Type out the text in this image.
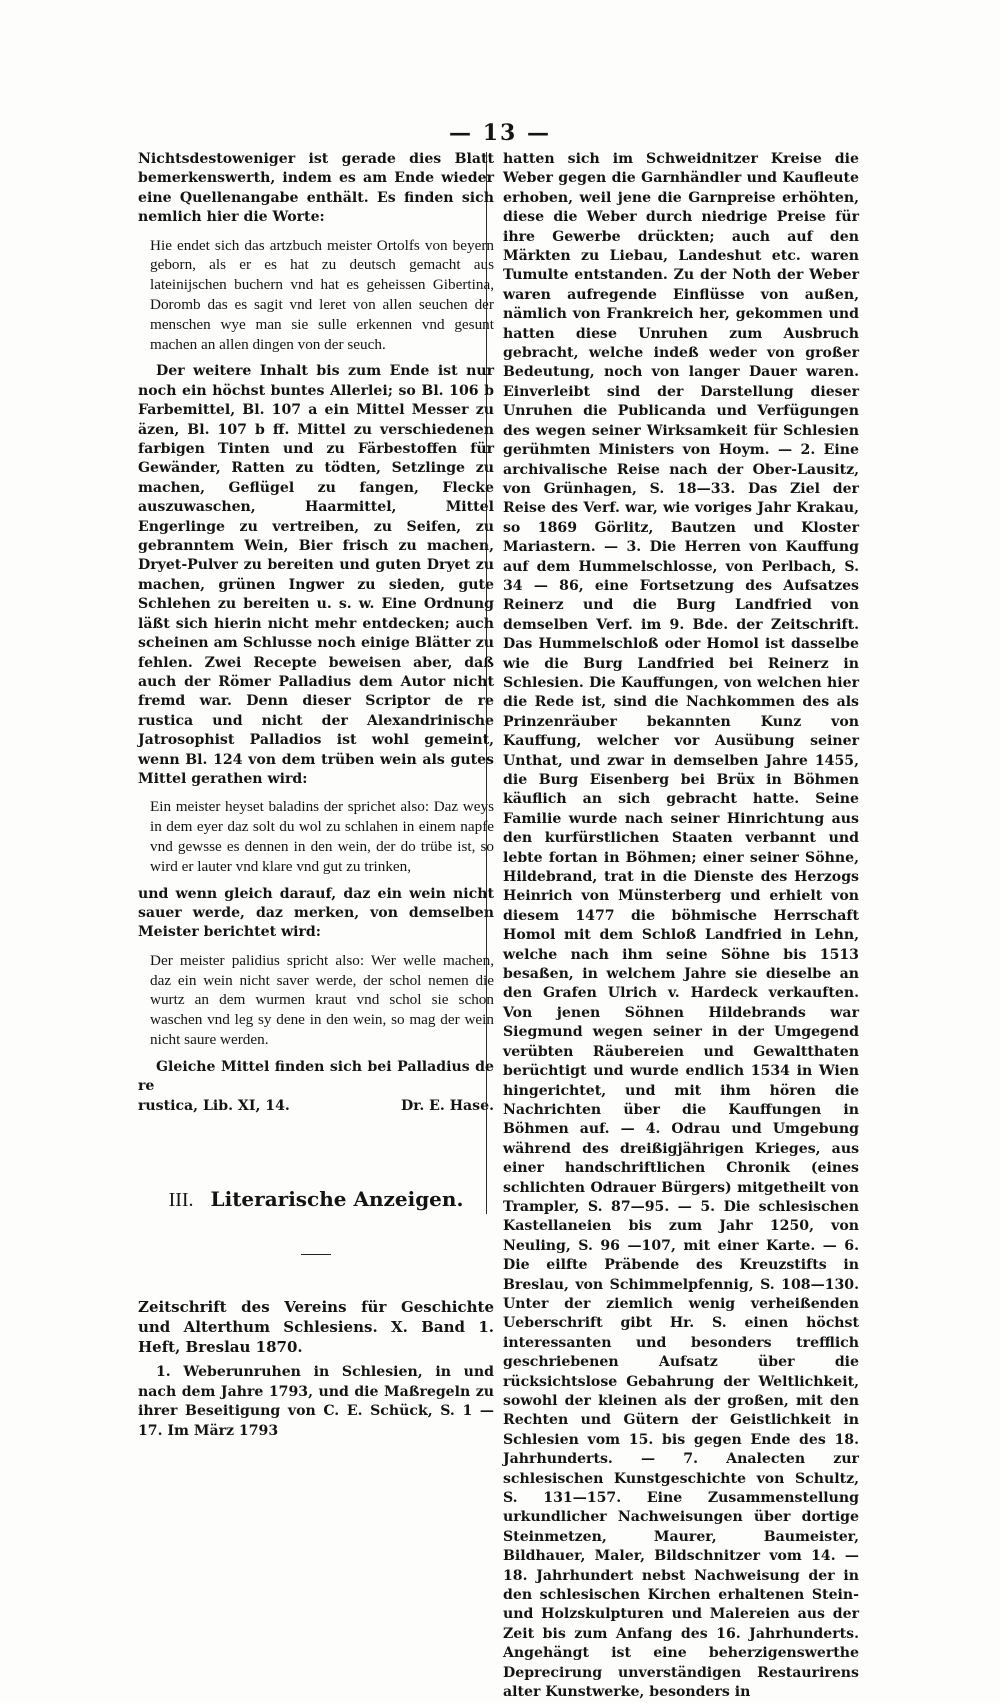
— 13 —

Nichtsdestoweniger ist gerade dies Blatt bemerkenswerth, indem es am Ende wieder eine Quellenangabe enthält. Es finden sich nemlich hier die Worte:

Hie endet sich das artzbuch meister Ortolfs von beyern geborn, als er es hat zu deutsch gemacht aus lateinijschen buchern vnd hat es geheissen Gibertina, Doromb das es sagit vnd leret von allen seuchen der menschen wye man sie sulle erkennen vnd gesunt machen an allen dingen von der seuch.

Der weitere Inhalt bis zum Ende ist nur noch ein höchst buntes Allerlei; so Bl. 106 b Farbemittel, Bl. 107 a ein Mittel Messer zu äzen, Bl. 107 b ff. Mittel zu verschiedenen farbigen Tinten und zu Färbestoffen für Gewänder, Ratten zu tödten, Setzlinge zu machen, Geflügel zu fangen, Flecke auszuwaschen, Haarmittel, Mittel Engerlinge zu vertreiben, zu Seifen, zu gebranntem Wein, Bier frisch zu machen, Dryet-Pulver zu bereiten und guten Dryet zu machen, grünen Ingwer zu sieden, gute Schlehen zu bereiten u. s. w. Eine Ordnung läßt sich hierin nicht mehr entdecken; auch scheinen am Schlusse noch einige Blätter zu fehlen. Zwei Recepte beweisen aber, daß auch der Römer Palladius dem Autor nicht fremd war. Denn dieser Scriptor de re rustica und nicht der Alexandrinische Jatrosophist Palladios ist wohl gemeint, wenn Bl. 124 von dem trüben wein als gutes Mittel gerathen wird:

Ein meister heyset baladins der sprichet also: Daz weys in dem eyer daz solt du wol zu schlahen in einem napfe vnd gewsse es dennen in den wein, der do trübe ist, so wird er lauter vnd klare vnd gut zu trinken,

und wenn gleich darauf, daz ein wein nicht sauer werde, daz merken, von demselben Meister berichtet wird:

Der meister palidius spricht also: Wer welle machen, daz ein wein nicht saver werde, der schol nemen die wurtz an dem wurmen kraut vnd schol sie schon waschen vnd leg sy dene in den wein, so mag der wein nicht saure werden.

Gleiche Mittel finden sich bei Palladius de re

rustica, Lib. XI, 14.	Dr. E. Hase.
III. Literarische Anzeigen.

Zeitschrift des Vereins für Geschichte und Alterthum Schlesiens. X. Band 1. Heft, Breslau 1870.

1. Weberunruhen in Schlesien, in und nach dem Jahre 1793, und die Maßregeln zu ihrer Beseitigung von C. E. Schück, S. 1 — 17. Im März 1793

hatten sich im Schweidnitzer Kreise die Weber gegen die Garnhändler und Kaufleute erhoben, weil jene die Garnpreise erhöhten, diese die Weber durch niedrige Preise für ihre Gewerbe drückten; auch auf den Märkten zu Liebau, Landeshut etc. waren Tumulte entstanden. Zu der Noth der Weber waren aufregende Einflüsse von außen, nämlich von Frankreich her, gekommen und hatten diese Unruhen zum Ausbruch gebracht, welche indeß weder von großer Bedeutung, noch von langer Dauer waren. Einverleibt sind der Darstellung dieser Unruhen die Publicanda und Verfügungen des wegen seiner Wirksamkeit für Schlesien gerühmten Ministers von Hoym. — 2. Eine archivalische Reise nach der Ober-Lausitz, von Grünhagen, S. 18—33. Das Ziel der Reise des Verf. war, wie voriges Jahr Krakau, so 1869 Görlitz, Bautzen und Kloster Mariastern. — 3. Die Herren von Kauffung auf dem Hummelschlosse, von Perlbach, S. 34 — 86, eine Fortsetzung des Aufsatzes Reinerz und die Burg Landfried von demselben Verf. im 9. Bde. der Zeitschrift. Das Hummelschloß oder Homol ist dasselbe wie die Burg Landfried bei Reinerz in Schlesien. Die Kauffungen, von welchen hier die Rede ist, sind die Nachkommen des als Prinzenräuber bekannten Kunz von Kauffung, welcher vor Ausübung seiner Unthat, und zwar in demselben Jahre 1455, die Burg Eisenberg bei Brüx in Böhmen käuflich an sich gebracht hatte. Seine Familie wurde nach seiner Hinrichtung aus den kurfürstlichen Staaten verbannt und lebte fortan in Böhmen; einer seiner Söhne, Hildebrand, trat in die Dienste des Herzogs Heinrich von Münsterberg und erhielt von diesem 1477 die böhmische Herrschaft Homol mit dem Schloß Landfried in Lehn, welche nach ihm seine Söhne bis 1513 besaßen, in welchem Jahre sie dieselbe an den Grafen Ulrich v. Hardeck verkauften. Von jenen Söhnen Hildebrands war Siegmund wegen seiner in der Umgegend verübten Räubereien und Gewaltthaten berüchtigt und wurde endlich 1534 in Wien hingerichtet, und mit ihm hören die Nachrichten über die Kauffungen in Böhmen auf. — 4. Odrau und Umgebung während des dreißigjährigen Krieges, aus einer handschriftlichen Chronik (eines schlichten Odrauer Bürgers) mitgetheilt von Trampler, S. 87—95. — 5. Die schlesischen Kastellaneien bis zum Jahr 1250, von Neuling, S. 96 —107, mit einer Karte. — 6. Die eilfte Präbende des Kreuzstifts in Breslau, von Schimmelpfennig, S. 108—130. Unter der ziemlich wenig verheißenden Ueberschrift gibt Hr. S. einen höchst interessanten und besonders trefflich geschriebenen Aufsatz über die rücksichtslose Gebahrung der Weltlichkeit, sowohl der kleinen als der großen, mit den Rechten und Gütern der Geistlichkeit in Schlesien vom 15. bis gegen Ende des 18. Jahrhunderts. — 7. Analecten zur schlesischen Kunstgeschichte von Schultz, S. 131—157. Eine Zusammenstellung urkundlicher Nachweisungen über dortige Steinmetzen, Maurer, Baumeister, Bildhauer, Maler, Bildschnitzer vom 14. — 18. Jahrhundert nebst Nachweisung der in den schlesischen Kirchen erhaltenen Stein- und Holzskulpturen und Malereien aus der Zeit bis zum Anfang des 16. Jahrhunderts. Angehängt ist eine beherzigenswerthe Deprecirung unverständigen Restaurirens alter Kunstwerke, besonders in
